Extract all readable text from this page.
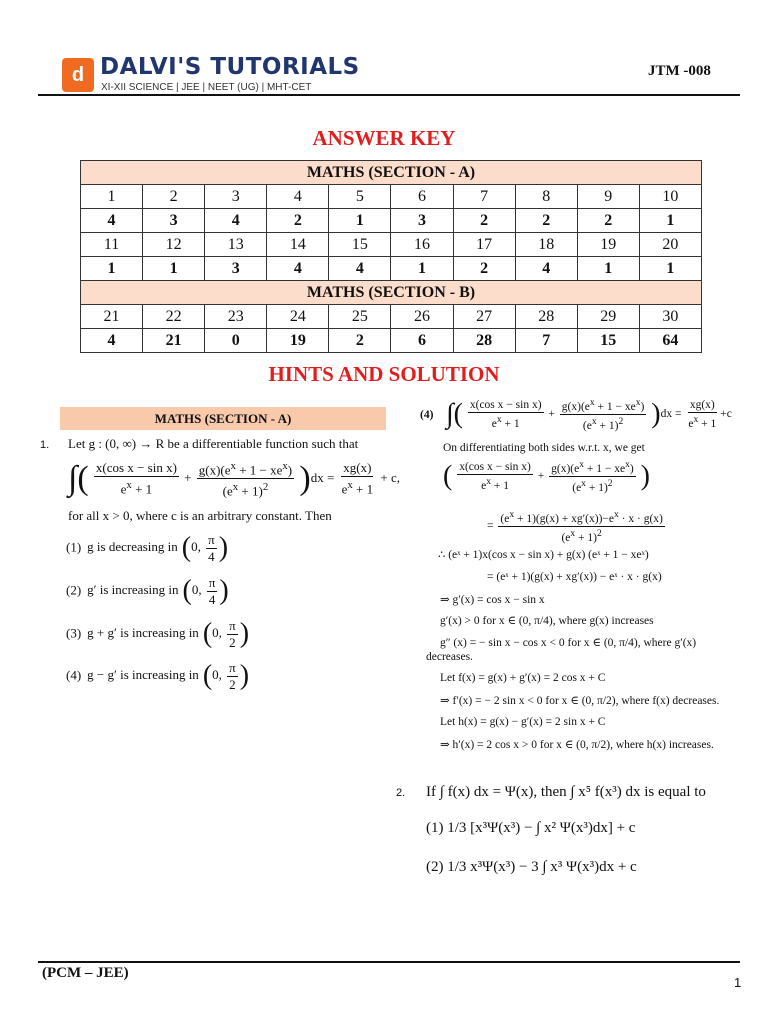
d DALVI'S TUTORIALS
XI-XII SCIENCE | JEE | NEET (UG) | MHT-CET
JTM -008
ANSWER KEY
MATHS (SECTION - A)									
1	2	3	4	5	6	7	8	9	10
4	3	4	2	1	3	2	2	2	1
11	12	13	14	15	16	17	18	19	20
1	1	3	4	4	1	2	4	1	1
MATHS (SECTION - B)									
21	22	23	24	25	26	27	28	29	30
4	21	0	19	2	6	28	7	15	64
HINTS AND SOLUTION
MATHS (SECTION - A)
1. Let g : (0, ∞) → R be a differentiable function such that
∫( $\frac{\text{x(cos x − sin x)}}{e^x + 1} + \frac{g(x)(e^x + 1 - xe^x)}{(e^x + 1)^2} )dx = \frac{xg(x)}{e^x + 1} + c$,
for all x > 0, where c is an arbitrary constant. Then
(1) g is decreasing in (0, $\frac{\pi}{4}$ )
(2) g′ is increasing in (0, $\frac{\pi}{4}$ )
(3) g + g′ is increasing in (0, $\frac{\pi}{2}$ )
(4) g − g′ is increasing in (0, $\frac{\pi}{2}$ )
(4) ∫( $\frac{\text{x(cos x − sin x)}}{e^x + 1} + \frac{g(x)(e^x + 1 - xe^x)}{(e^x + 1)^2} )dx = \frac{xg(x)}{e^x + 1} +c$
On differentiating both sides w.r.t. x, we get
( $\frac{\text{x(cos x − sin x)}}{e^x + 1} + \frac{g(x)(e^x + 1 - xe^x)}{(e^x + 1)^2}$ )
= $\frac{(e^x + 1)(g(x) + xg'(x))-e^x \cdot x \cdot g(x)}{(e^x + 1)^2}$
∴ (eˣ + 1)x(cos x − sin x) + g(x) (eˣ + 1 − xeˣ)
= (eˣ + 1)(g(x) + xg′(x)) − eˣ · x · g(x)
⇒ g′(x) = cos x − sin x
g′(x) > 0 for x ∈ (0, π/4), where g(x) increases
g″ (x) = − sin x − cos x < 0 for x ∈ (0, π/4), where g′(x)
decreases.
Let f(x) = g(x) + g′(x) = 2 cos x + C
⇒ f′(x) = − 2 sin x < 0 for x ∈ (0, π/2), where f(x) decreases.
Let h(x) = g(x) − g′(x) = 2 sin x + C
⇒ h′(x) = 2 cos x > 0 for x ∈ (0, π/2), where h(x) increases.
2. If ∫ f(x) dx = Ψ(x), then ∫ x⁵ f(x³) dx is equal to
(1) 1/3 [x³Ψ(x³) − ∫ x² Ψ(x³)dx] + c
(2) 1/3 x³Ψ(x³) − 3 ∫ x³ Ψ(x³)dx + c
(PCM – JEE)
1
